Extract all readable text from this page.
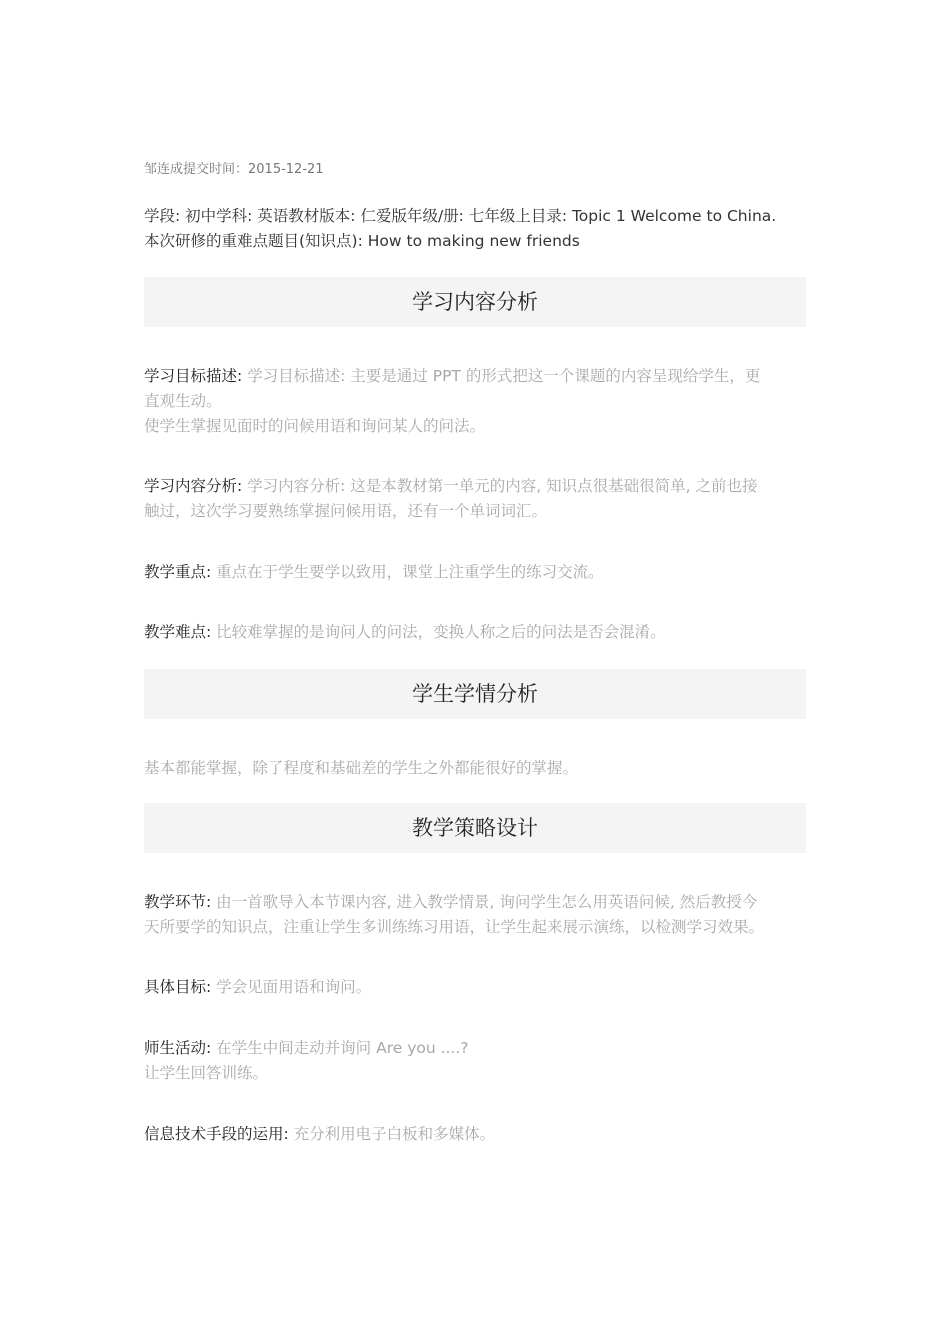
邹连成提交时间：2015-12-21
学段: 初中学科: 英语教材版本: 仁爱版年级/册: 七年级上目录: Topic 1 Welcome to China.
本次研修的重难点题目(知识点): How to making new friends
学习内容分析
学习目标描述: 学习目标描述: 主要是通过 PPT 的形式把这一个课题的内容呈现给学生，更
直观生动。
使学生掌握见面时的问候用语和询问某人的问法。
学习内容分析: 学习内容分析: 这是本教材第一单元的内容, 知识点很基础很简单, 之前也接
触过，这次学习要熟练掌握问候用语，还有一个单词词汇。
教学重点: 重点在于学生要学以致用，课堂上注重学生的练习交流。
教学难点: 比较难掌握的是询问人的问法，变换人称之后的问法是否会混淆。
学生学情分析
基本都能掌握，除了程度和基础差的学生之外都能很好的掌握。
教学策略设计
教学环节: 由一首歌导入本节课内容, 进入教学情景, 询问学生怎么用英语问候, 然后教授今
天所要学的知识点，注重让学生多训练练习用语，让学生起来展示演练，以检测学习效果。
具体目标: 学会见面用语和询问。
师生活动: 在学生中间走动并询问 Are you ....?
让学生回答训练。
信息技术手段的运用: 充分利用电子白板和多媒体。
